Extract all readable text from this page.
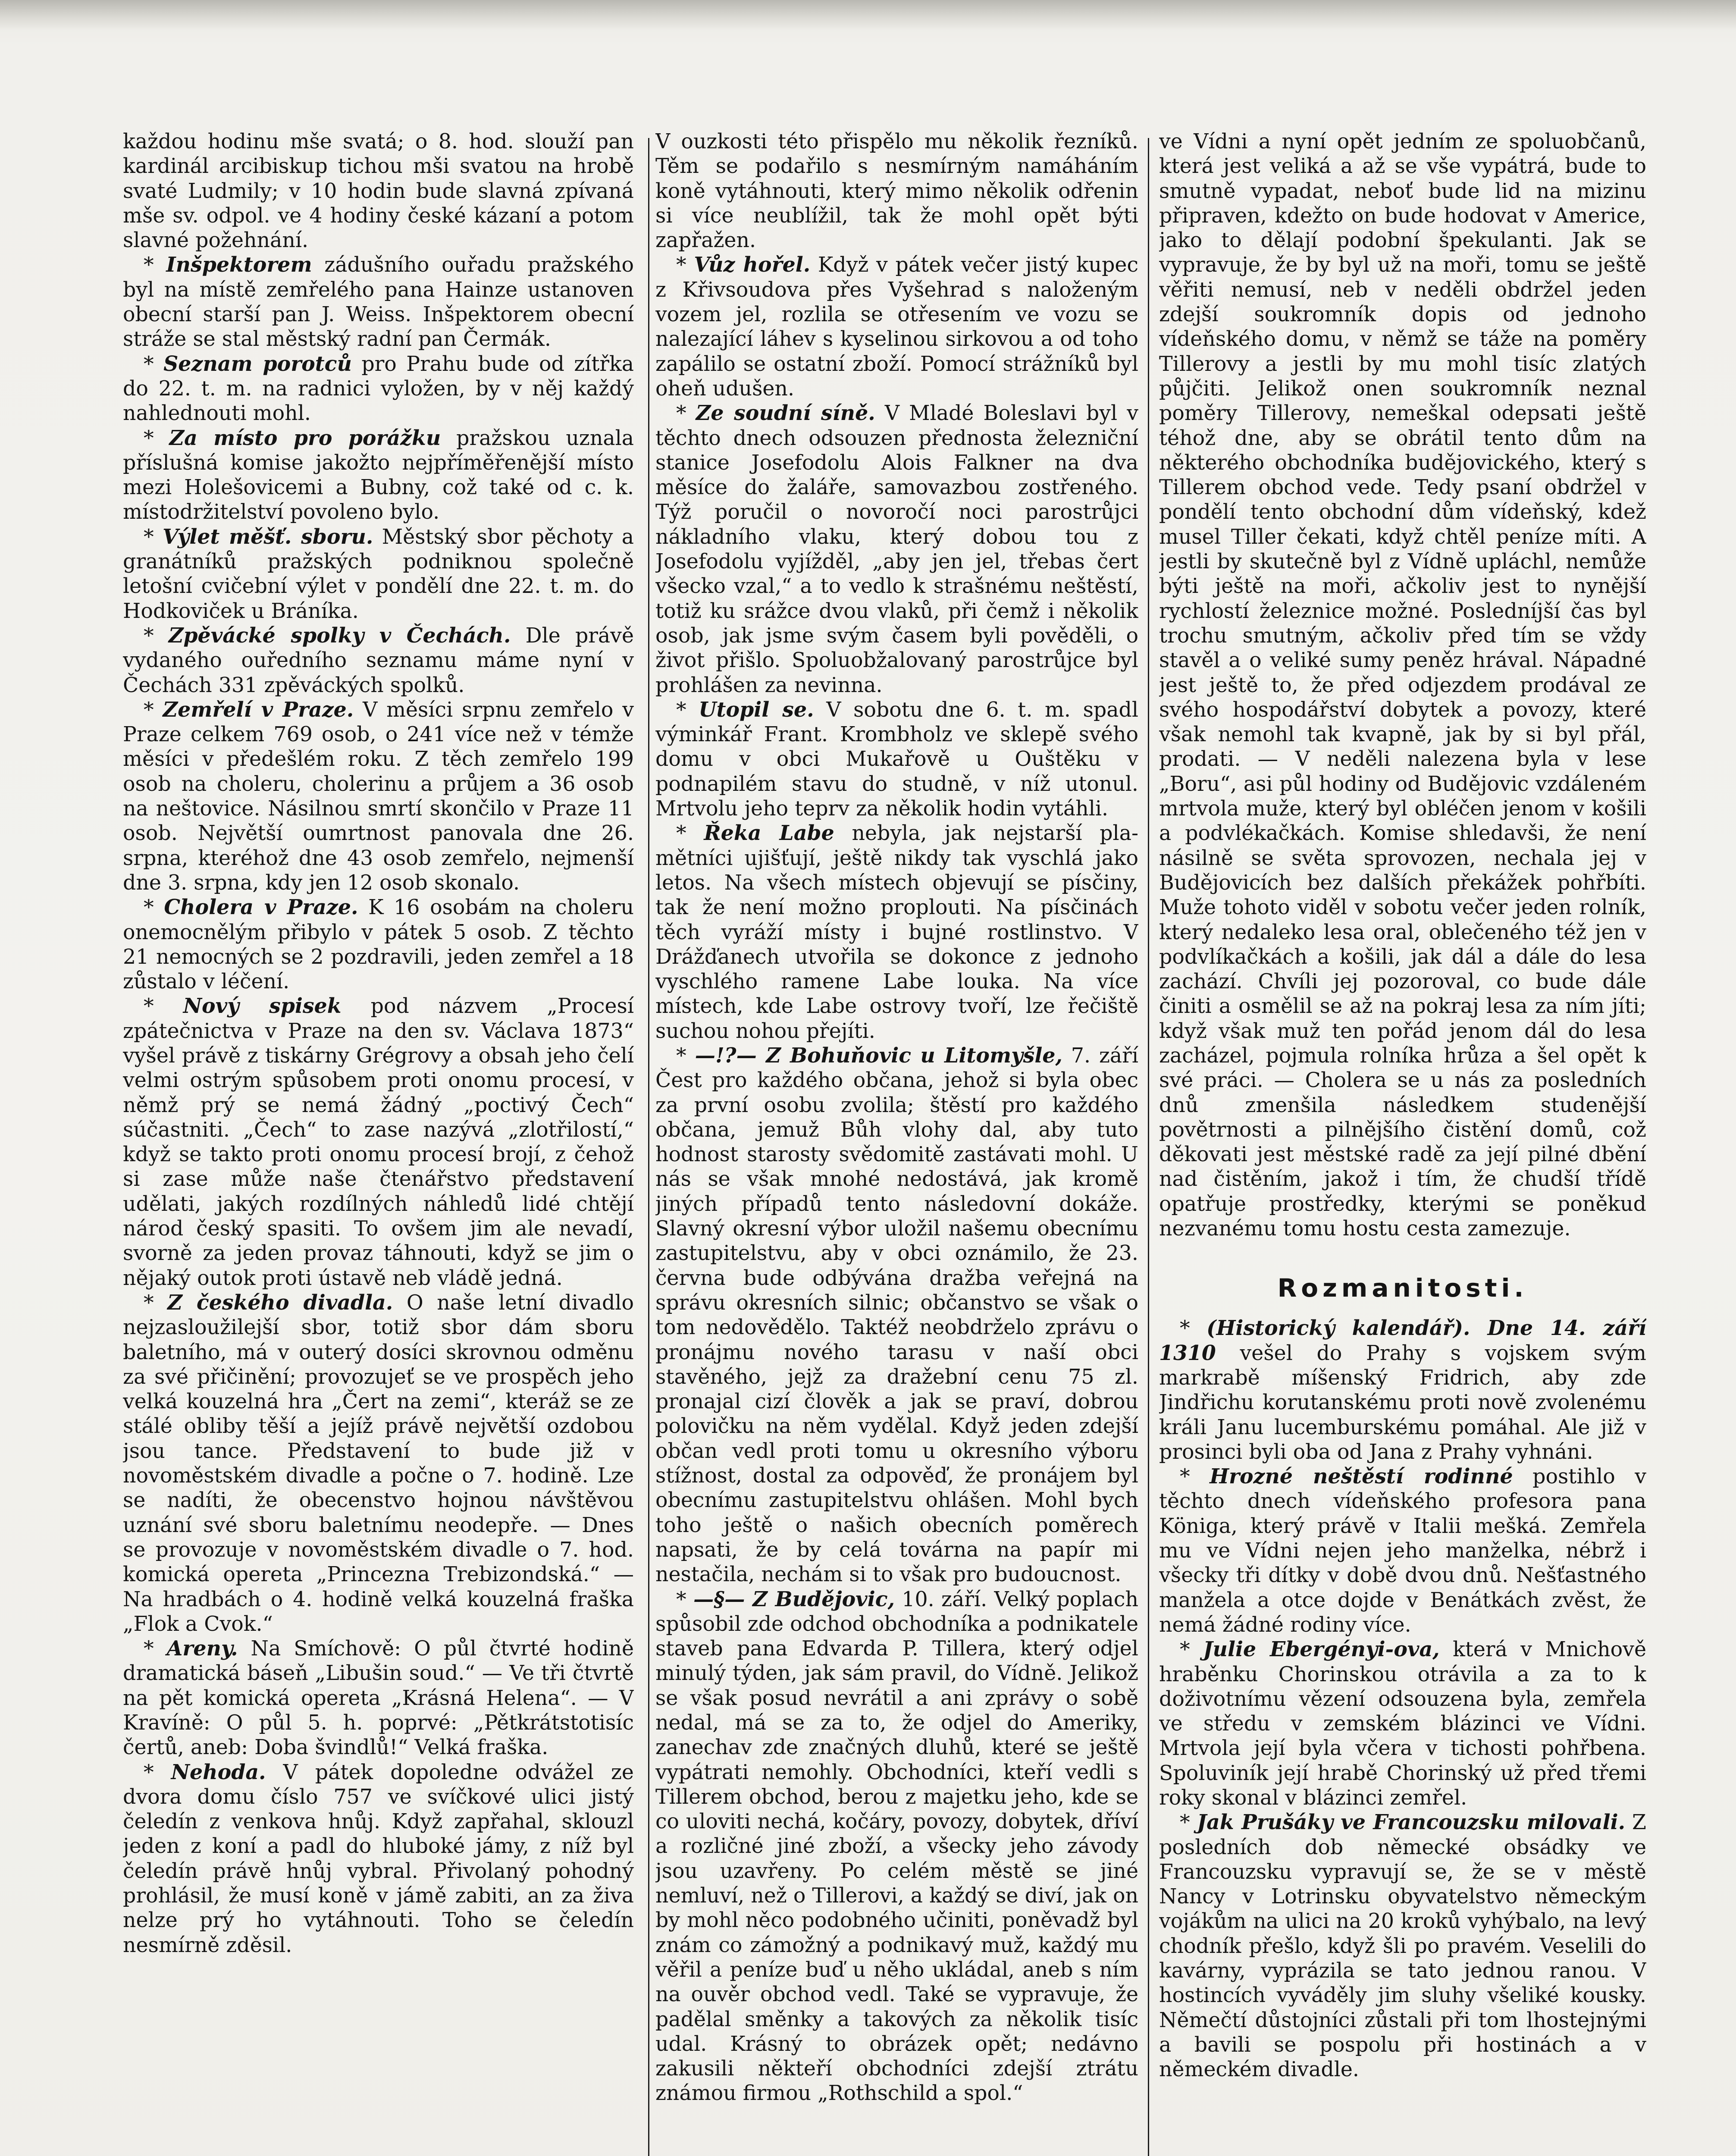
každou hodinu mše svatá; o 8. hod. slouží pan kardinál arcibiskup tichou mši svatou na hrobě svaté Ludmily; v 10 hodin bude slavná zpívaná mše sv. odpol. ve 4 hodiny české kázaní a potom slavné požehnání.

* Inšpektorem zádušního ouřadu pražského byl na místě zemřelého pana Hainze ustanoven obecní starší pan J. Weiss. Inšpektorem obecní stráže se stal městský radní pan Čermák.

* Seznam porotců pro Prahu bude od zítřka do 22. t. m. na radnici vyložen, by v něj každý nahlednouti mohl.

* Za místo pro porážku pražskou uznala příslušná komise jakožto nejpříměřenější místo mezi Holešovicemi a Bubny, což také od c. k. místodržitelství povoleno bylo.

* Výlet měšť. sboru. Městský sbor pěchoty a granátníků pražských podniknou společně letošní cvičební výlet v pondělí dne 22. t. m. do Hodkoviček u Bráníka.

* Zpěvácké spolky v Čechách. Dle právě vydaného ouředního seznamu máme nyní v Čechách 331 zpěváckých spolků.

* Zemřelí v Praze. V měsíci srpnu zemřelo v Praze celkem 769 osob, o 241 více než v témže měsíci v předešlém roku. Z těch zemřelo 199 osob na choleru, cholerinu a průjem a 36 osob na neštovice. Násilnou smrtí skončilo v Praze 11 osob. Největší oumrtnost panovala dne 26. srpna, kteréhož dne 43 osob zemřelo, nejmenší dne 3. srpna, kdy jen 12 osob skonalo.

* Cholera v Praze. K 16 osobám na choleru onemocnělým přibylo v pátek 5 osob. Z těchto 21 nemocných se 2 pozdravili, jeden zemřel a 18 zůstalo v léčení.

* Nový spisek pod názvem „Procesí zpátečnictva v Praze na den sv. Václava 1873“ vyšel právě z tiskárny Grégrovy a obsah jeho čelí velmi ostrým spůsobem proti onomu procesí, v němž prý se nemá žádný „poctivý Čech“ súčastniti. „Čech“ to zase nazývá „zlotřilostí,“ když se takto proti onomu procesí brojí, z čehož si zase může naše čtenářstvo představení udělati, jakých rozdílných náhledů lidé chtějí národ český spasiti. To ovšem jim ale nevadí, svorně za jeden provaz táhnouti, když se jim o nějaký outok proti ústavě neb vládě jedná.

* Z českého divadla. O naše letní divadlo nejzasloužilejší sbor, totiž sbor dám sboru baletního, má v outerý dosíci skrovnou odměnu za své přičinění; provozujeť se ve prospěch jeho velká kouzelná hra „Čert na zemi“, kteráž se ze stálé obliby těší a jejíž právě největší ozdobou jsou tance. Představení to bude již v novoměstském divadle a počne o 7. hodině. Lze se nadíti, že obecenstvo hojnou návštěvou uznání své sboru baletnímu neodepře. — Dnes se provozuje v novoměstském divadle o 7. hod. komická opereta „Princezna Trebizondská.“ — Na hradbách o 4. hodině velká kouzelná fraška „Flok a Cvok.“

* Areny. Na Smíchově: O půl čtvrté hodině dramatická báseň „Libušin soud.“ — Ve tři čtvrtě na pět komická opereta „Krásná Helena“. — V Kravíně: O půl 5. h. poprvé: „Pětkrátstotisíc čertů, aneb: Doba švindlů!“ Velká fraška.

* Nehoda. V pátek dopoledne odvážel ze dvora domu číslo 757 ve svíčkové ulici jistý čeledín z venkova hnůj. Když zapřahal, sklouzl jeden z koní a padl do hluboké jámy, z níž byl čeledín právě hnůj vybral. Přivolaný pohodný prohlásil, že musí koně v jámě zabiti, an za živa nelze prý ho vytáhnouti. Toho se čeledín nesmírně zděsil.

V ouzkosti této přispělo mu několik řezníků. Těm se podařilo s nesmírným namáháním koně vytáhnouti, který mimo několik odřenin si více neublížil, tak že mohl opět býti zapřažen.

* Vůz hořel. Když v pátek večer jistý kupec z Křivsoudova přes Vyšehrad s naloženým vozem jel, rozlila se otřesením ve vozu se nalezající láhev s kyselinou sirkovou a od toho zapálilo se ostatní zboží. Pomocí strážníků byl oheň udušen.

* Ze soudní síně. V Mladé Boleslavi byl v těchto dnech odsouzen přednosta železniční stanice Josefodolu Alois Falkner na dva měsíce do žaláře, samovazbou zostřeného. Týž poručil o novoročí noci parostrůjci nákladního vlaku, který dobou tou z Josefodolu vyjížděl, „aby jen jel, třebas čert všecko vzal,“ a to vedlo k strašnému neštěstí, totiž ku srážce dvou vlaků, při čemž i několik osob, jak jsme svým časem byli pověděli, o život přišlo. Spoluobžalovaný parostrůjce byl prohlášen za nevinna.

* Utopil se. V sobotu dne 6. t. m. spadl výminkář Frant. Krombholz ve sklepě svého domu v obci Mukařově u Ouštěku v podnapilém stavu do studně, v níž utonul. Mrtvolu jeho teprv za několik hodin vytáhli.

* Řeka Labe nebyla, jak nejstarší plamětníci ujišťují, ještě nikdy tak vyschlá jako letos. Na všech místech objevují se písčiny, tak že není možno proplouti. Na písčinách těch vyráží místy i bujné rostlinstvo. V Drážďanech utvořila se dokonce z jednoho vyschlého ramene Labe louka. Na více místech, kde Labe ostrovy tvoří, lze řečiště suchou nohou přejíti.

* —!?— Z Bohuňovic u Litomyšle, 7. září Čest pro každého občana, jehož si byla obec za první osobu zvolila; štěstí pro každého občana, jemuž Bůh vlohy dal, aby tuto hodnost starosty svědomitě zastávati mohl. U nás se však mnohé nedostává, jak kromě jiných případů tento následovní dokáže. Slavný okresní výbor uložil našemu obecnímu zastupitelstvu, aby v obci oznámilo, že 23. června bude odbývána dražba veřejná na správu okresních silnic; občanstvo se však o tom nedovědělo. Taktéž neobdrželo zprávu o pronájmu nového tarasu v naší obci stavěného, jejž za dražební cenu 75 zl. pronajal cizí člověk a jak se praví, dobrou polovičku na něm vydělal. Když jeden zdejší občan vedl proti tomu u okresního výboru stížnost, dostal za odpověď, že pronájem byl obecnímu zastupitelstvu ohlášen. Mohl bych toho ještě o našich obecních poměrech napsati, že by celá továrna na papír mi nestačila, nechám si to však pro budoucnost.

* —§— Z Budějovic, 10. září. Velký poplach spůsobil zde odchod obchodníka a podnikatele staveb pana Edvarda P. Tillera, který odjel minulý týden, jak sám pravil, do Vídně. Jelikož se však posud nevrátil a ani zprávy o sobě nedal, má se za to, že odjel do Ameriky, zanechav zde značných dluhů, které se ještě vypátrati nemohly. Obchodníci, kteří vedli s Tillerem obchod, berou z majetku jeho, kde se co uloviti nechá, kočáry, povozy, dobytek, dříví a rozličné jiné zboží, a všecky jeho závody jsou uzavřeny. Po celém městě se jiné nemluví, než o Tillerovi, a každý se diví, jak on by mohl něco podobného učiniti, poněvadž byl znám co zámožný a podnikavý muž, každý mu věřil a peníze buď u něho ukládal, aneb s ním na ouvěr obchod vedl. Také se vypravuje, že padělal směnky a takových za několik tisíc udal. Krásný to obrázek opět; nedávno zakusili někteří obchodníci zdejší ztrátu známou firmou „Rothschild a spol.“

ve Vídni a nyní opět jedním ze spoluobčanů, která jest veliká a až se vše vypátrá, bude to smutně vypadat, neboť bude lid na mizinu připraven, kdežto on bude hodovat v Americe, jako to dělají podobní špekulanti. Jak se vypravuje, že by byl už na moři, tomu se ještě věřiti nemusí, neb v neděli obdržel jeden zdejší soukromník dopis od jednoho vídeňského domu, v němž se táže na poměry Tillerovy a jestli by mu mohl tisíc zlatých půjčiti. Jelikož onen soukromník neznal poměry Tillerovy, nemeškal odepsati ještě téhož dne, aby se obrátil tento dům na některého obchodníka budějovického, který s Tillerem obchod vede. Tedy psaní obdržel v pondělí tento obchodní dům vídeňský, kdež musel Tiller čekati, když chtěl peníze míti. A jestli by skutečně byl z Vídně upláchl, nemůže býti ještě na moři, ačkoliv jest to nynější rychlostí železnice možné. Posledníjší čas byl trochu smutným, ačkoliv před tím se vždy stavěl a o veliké sumy peněz hrával. Nápadné jest ještě to, že před odjezdem prodával ze svého hospodářství dobytek a povozy, které však nemohl tak kvapně, jak by si byl přál, prodati. — V neděli nalezena byla v lese „Boru“, asi půl hodiny od Budějovic vzdáleném mrtvola muže, který byl obléčen jenom v košili a podvlékačkách. Komise shledavši, že není násilně se světa sprovozen, nechala jej v Budějovicích bez dalších překážek pohřbíti. Muže tohoto viděl v sobotu večer jeden rolník, který nedaleko lesa oral, oblečeného též jen v podvlíkačkách a košili, jak dál a dále do lesa zachází. Chvíli jej pozoroval, co bude dále činiti a osmělil se až na pokraj lesa za ním jíti; když však muž ten pořád jenom dál do lesa zacházel, pojmula rolníka hrůza a šel opět k své práci. — Cholera se u nás za posledních dnů zmenšila následkem studenější povětrnosti a pilnějšího čistění domů, což děkovati jest městské radě za její pilné dbění nad čistěním, jakož i tím, že chudší třídě opatřuje prostředky, kterými se poněkud nezvanému tomu hostu cesta zamezuje.

Rozmanitosti.

* (Historický kalendář). Dne 14. září 1310 vešel do Prahy s vojskem svým markrabě míšenský Fridrich, aby zde Jindřichu korutanskému proti nově zvolenému králi Janu lucemburskému pomáhal. Ale již v prosinci byli oba od Jana z Prahy vyhnáni.

* Hrozné neštěstí rodinné postihlo v těchto dnech vídeňského profesora pana Königa, který právě v Italii mešká. Zemřela mu ve Vídni nejen jeho manželka, nébrž i všecky tři dítky v době dvou dnů. Nešťastného manžela a otce dojde v Benátkách zvěst, že nemá žádné rodiny více.

* Julie Ebergényi-ova, která v Mnichově hraběnku Chorinskou otrávila a za to k doživotnímu vězení odsouzena byla, zemřela ve středu v zemském blázinci ve Vídni. Mrtvola její byla včera v tichosti pohřbena. Spoluviník její hrabě Chorinský už před třemi roky skonal v blázinci zemřel.

* Jak Prušáky ve Francouzsku milovali. Z posledních dob německé obsádky ve Francouzsku vypravují se, že se v městě Nancy v Lotrinsku obyvatelstvo německým vojákům na ulici na 20 kroků vyhýbalo, na levý chodník přešlo, když šli po pravém. Veselili do kavárny, vyprázila se tato jednou ranou. V hostincích vyváděly jim sluhy všeliké kousky. Němečtí důstojníci zůstali při tom lhostejnými a bavili se pospolu při hostinách a v německém divadle.
